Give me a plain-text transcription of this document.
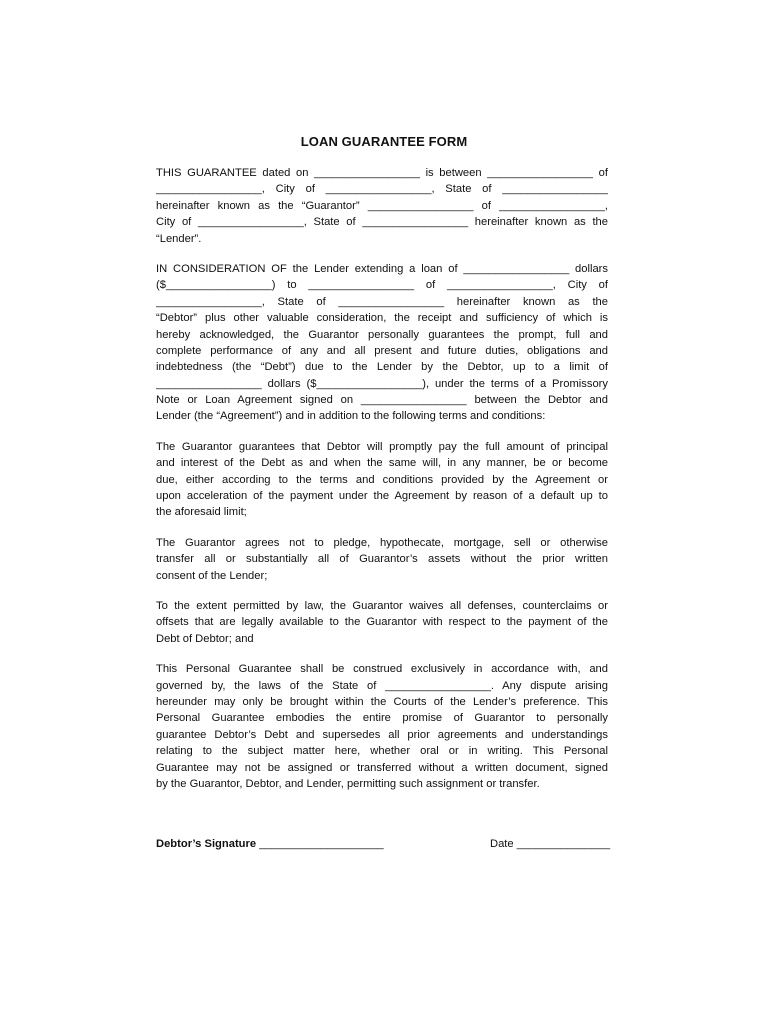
LOAN GUARANTEE FORM
THIS GUARANTEE dated on _________________ is between _________________ of
_________________, City of _________________, State of _________________
hereinafter known as the “Guarantor” _________________ of _________________,
City of _________________, State of _________________ hereinafter known as the
“Lender”.
IN CONSIDERATION OF the Lender extending a loan of _________________ dollars
($_________________) to _________________ of _________________, City of
_________________, State of _________________ hereinafter known as the
“Debtor” plus other valuable consideration, the receipt and sufficiency of which is
hereby acknowledged, the Guarantor personally guarantees the prompt, full and
complete performance of any and all present and future duties, obligations and
indebtedness (the “Debt”) due to the Lender by the Debtor, up to a limit of
_________________ dollars ($_________________), under the terms of a Promissory
Note or Loan Agreement signed on _________________ between the Debtor and
Lender (the “Agreement”) and in addition to the following terms and conditions:
The Guarantor guarantees that Debtor will promptly pay the full amount of principal
and interest of the Debt as and when the same will, in any manner, be or become
due, either according to the terms and conditions provided by the Agreement or
upon acceleration of the payment under the Agreement by reason of a default up to
the aforesaid limit;
The Guarantor agrees not to pledge, hypothecate, mortgage, sell or otherwise
transfer all or substantially all of Guarantor’s assets without the prior written
consent of the Lender;
To the extent permitted by law, the Guarantor waives all defenses, counterclaims or
offsets that are legally available to the Guarantor with respect to the payment of the
Debt of Debtor; and
This Personal Guarantee shall be construed exclusively in accordance with, and
governed by, the laws of the State of _________________. Any dispute arising
hereunder may only be brought within the Courts of the Lender’s preference. This
Personal Guarantee embodies the entire promise of Guarantor to personally
guarantee Debtor’s Debt and supersedes all prior agreements and understandings
relating to the subject matter here, whether oral or in writing. This Personal
Guarantee may not be assigned or transferred without a written document, signed
by the Guarantor, Debtor, and Lender, permitting such assignment or transfer.
Debtor’s Signature ____________________	Date _______________
